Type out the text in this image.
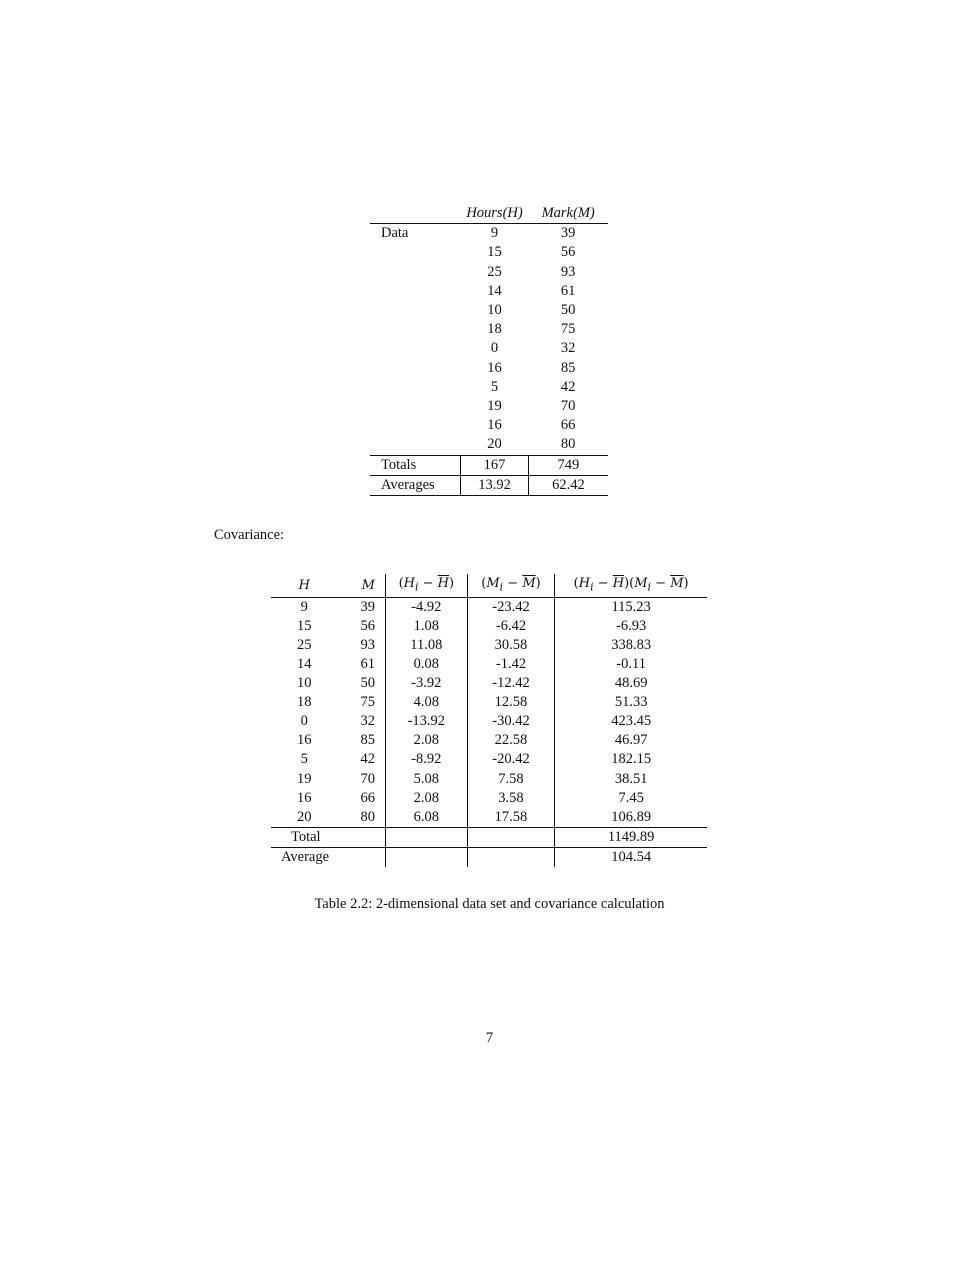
	Hours(H)	Mark(M)
Data	9	39
	15	56
	25	93
	14	61
	10	50
	18	75
	0	32
	16	85
	5	42
	19	70
	16	66
	20	80
Totals	167	749
Averages	13.92	62.42
Covariance:
H	M	$(H_i - \overline{H})$	$(M_i - \overline{M})$	$(H_i - \overline{H})(M_i - \overline{M})$
9	39	-4.92	-23.42	115.23
15	56	1.08	-6.42	-6.93
25	93	11.08	30.58	338.83
14	61	0.08	-1.42	-0.11
10	50	-3.92	-12.42	48.69
18	75	4.08	12.58	51.33
0	32	-13.92	-30.42	423.45
16	85	2.08	22.58	46.97
5	42	-8.92	-20.42	182.15
19	70	5.08	7.58	38.51
16	66	2.08	3.58	7.45
20	80	6.08	17.58	106.89
Total				1149.89
Average				104.54
Table 2.2: 2-dimensional data set and covariance calculation
7
